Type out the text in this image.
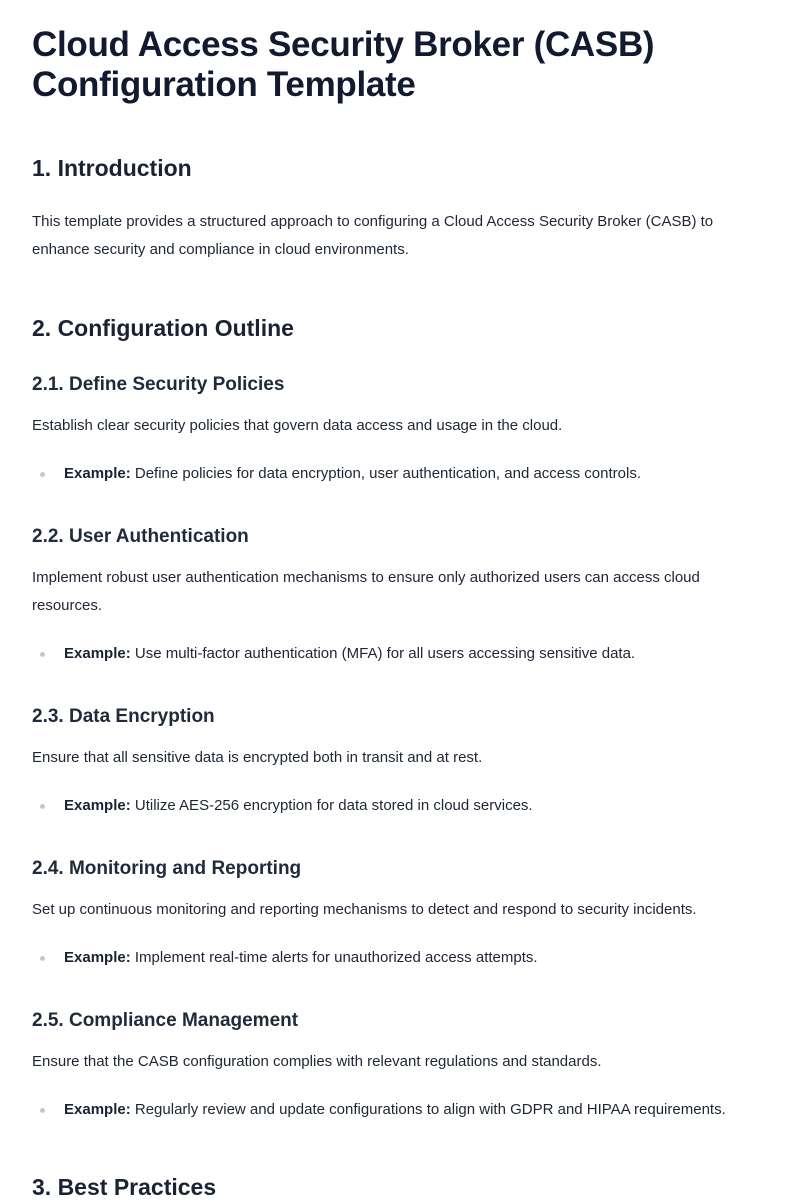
Cloud Access Security Broker (CASB)
Configuration Template
1. Introduction

This template provides a structured approach to configuring a Cloud Access Security Broker (CASB) to enhance security and compliance in cloud environments.

2. Configuration Outline
2.1. Define Security Policies

Establish clear security policies that govern data access and usage in the cloud.

Example: Define policies for data encryption, user authentication, and access controls.
2.2. User Authentication

Implement robust user authentication mechanisms to ensure only authorized users can access cloud resources.

Example: Use multi-factor authentication (MFA) for all users accessing sensitive data.
2.3. Data Encryption

Ensure that all sensitive data is encrypted both in transit and at rest.

Example: Utilize AES-256 encryption for data stored in cloud services.
2.4. Monitoring and Reporting

Set up continuous monitoring and reporting mechanisms to detect and respond to security incidents.

Example: Implement real-time alerts for unauthorized access attempts.
2.5. Compliance Management

Ensure that the CASB configuration complies with relevant regulations and standards.

Example: Regularly review and update configurations to align with GDPR and HIPAA requirements.
3. Best Practices
